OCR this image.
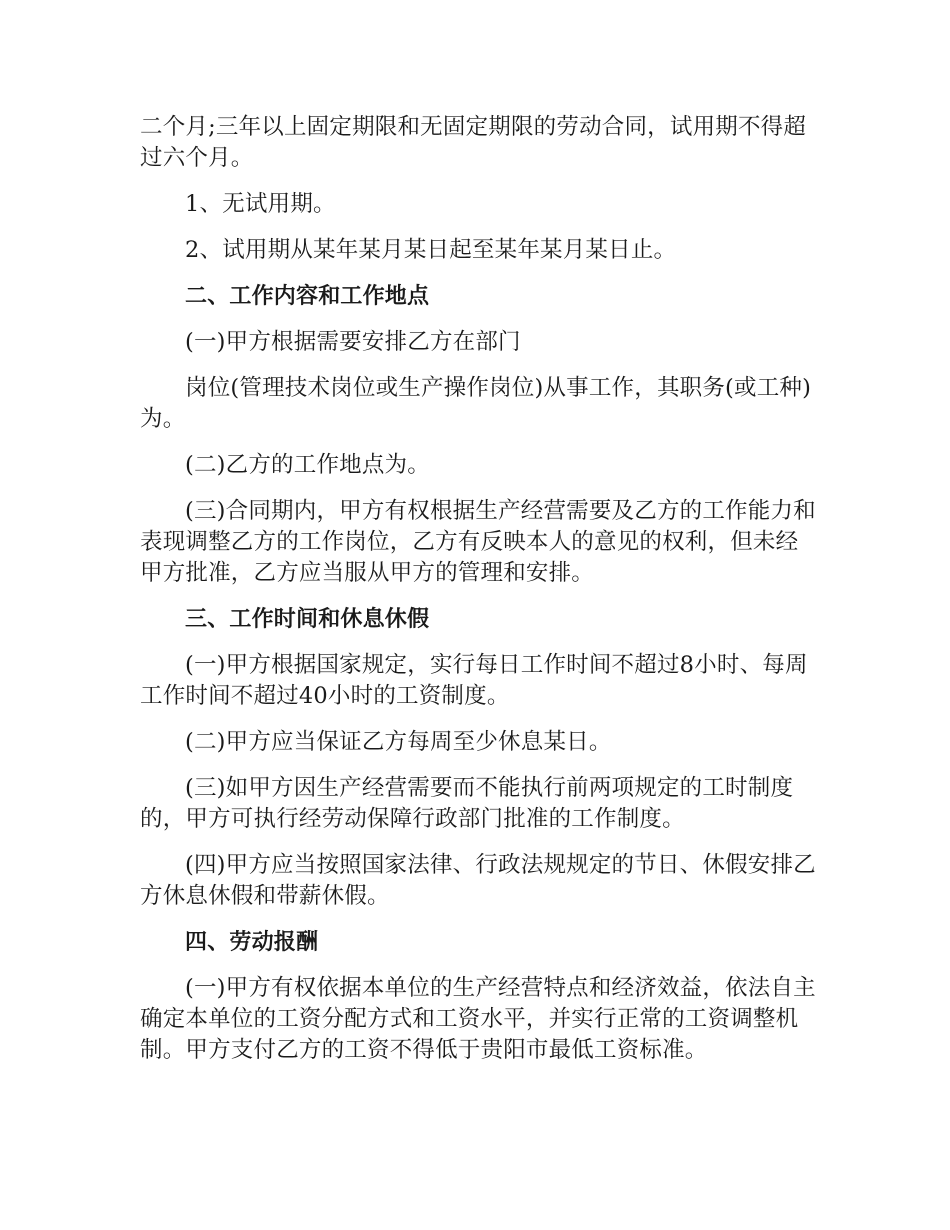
二个月;三年以上固定期限和无固定期限的劳动合同，试用期不得超过六个月。

1、无试用期。

2、试用期从某年某月某日起至某年某月某日止。

二、工作内容和工作地点

(一)甲方根据需要安排乙方在部门

岗位(管理技术岗位或生产操作岗位)从事工作，其职务(或工种)为。

(二)乙方的工作地点为。

(三)合同期内，甲方有权根据生产经营需要及乙方的工作能力和表现调整乙方的工作岗位，乙方有反映本人的意见的权利，但未经甲方批准，乙方应当服从甲方的管理和安排。

三、工作时间和休息休假

(一)甲方根据国家规定，实行每日工作时间不超过8小时、每周工作时间不超过40小时的工资制度。

(二)甲方应当保证乙方每周至少休息某日。

(三)如甲方因生产经营需要而不能执行前两项规定的工时制度的，甲方可执行经劳动保障行政部门批准的工作制度。

(四)甲方应当按照国家法律、行政法规规定的节日、休假安排乙方休息休假和带薪休假。

四、劳动报酬

(一)甲方有权依据本单位的生产经营特点和经济效益，依法自主确定本单位的工资分配方式和工资水平，并实行正常的工资调整机制。甲方支付乙方的工资不得低于贵阳市最低工资标准。
